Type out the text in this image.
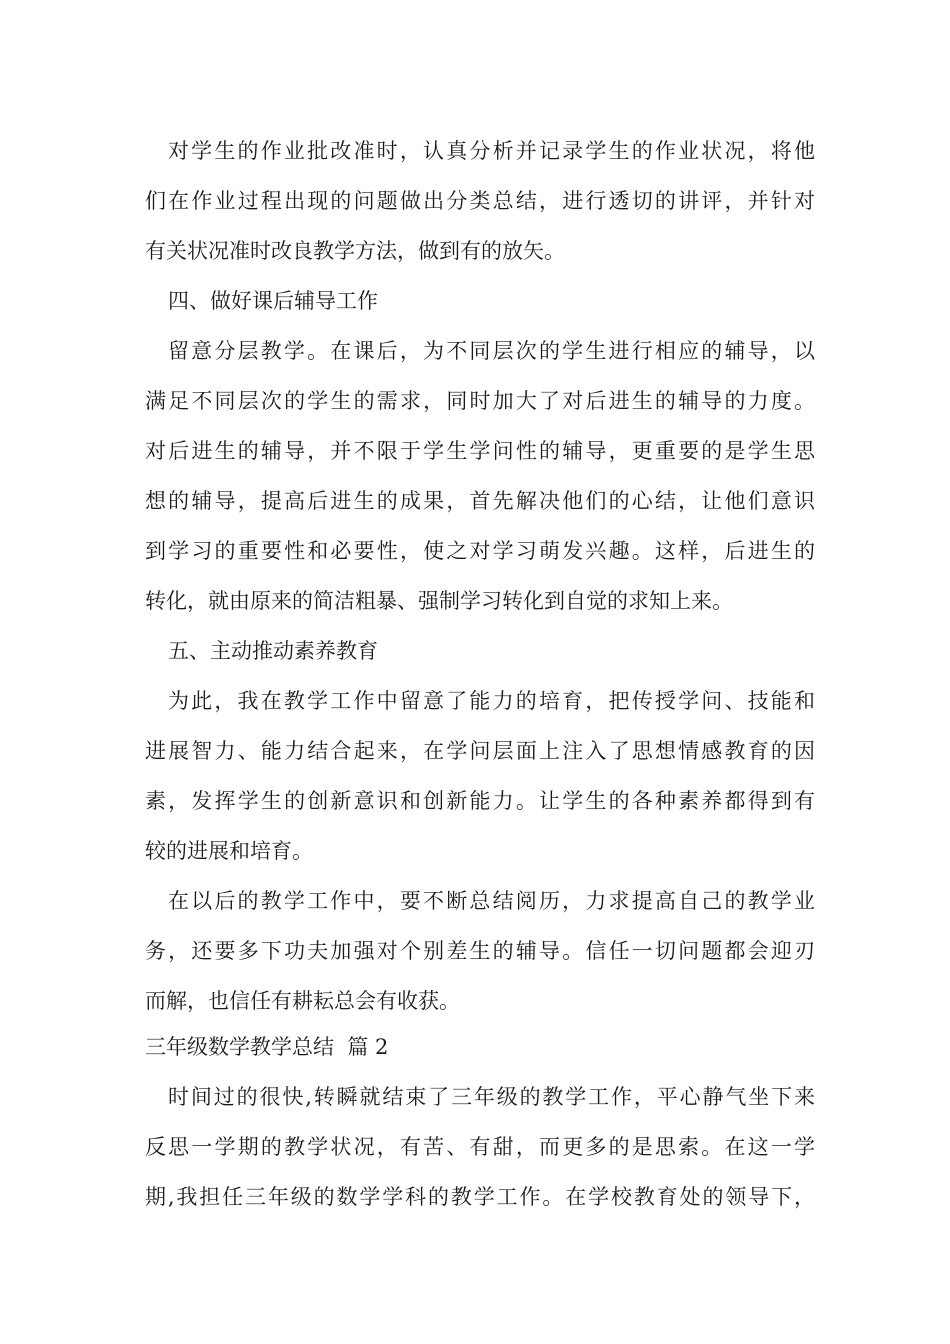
对学生的作业批改准时，认真分析并记录学生的作业状况，将他
们在作业过程出现的问题做出分类总结，进行透切的讲评，并针对
有关状况准时改良教学方法，做到有的放矢。
四、做好课后辅导工作
留意分层教学。在课后，为不同层次的学生进行相应的辅导，以
满足不同层次的学生的需求，同时加大了对后进生的辅导的力度。
对后进生的辅导，并不限于学生学问性的辅导，更重要的是学生思
想的辅导，提高后进生的成果，首先解决他们的心结，让他们意识
到学习的重要性和必要性，使之对学习萌发兴趣。这样，后进生的
转化，就由原来的简洁粗暴、强制学习转化到自觉的求知上来。
五、主动推动素养教育
为此，我在教学工作中留意了能力的培育，把传授学问、技能和
进展智力、能力结合起来，在学问层面上注入了思想情感教育的因
素，发挥学生的创新意识和创新能力。让学生的各种素养都得到有
较的进展和培育。
在以后的教学工作中，要不断总结阅历，力求提高自己的教学业
务，还要多下功夫加强对个别差生的辅导。信任一切问题都会迎刃
而解，也信任有耕耘总会有收获。
三年级数学教学总结  篇 2
时间过的很快,转瞬就结束了三年级的教学工作，平心静气坐下来
反思一学期的教学状况，有苦、有甜，而更多的是思索。在这一学
期,我担任三年级的数学学科的教学工作。在学校教育处的领导下，
